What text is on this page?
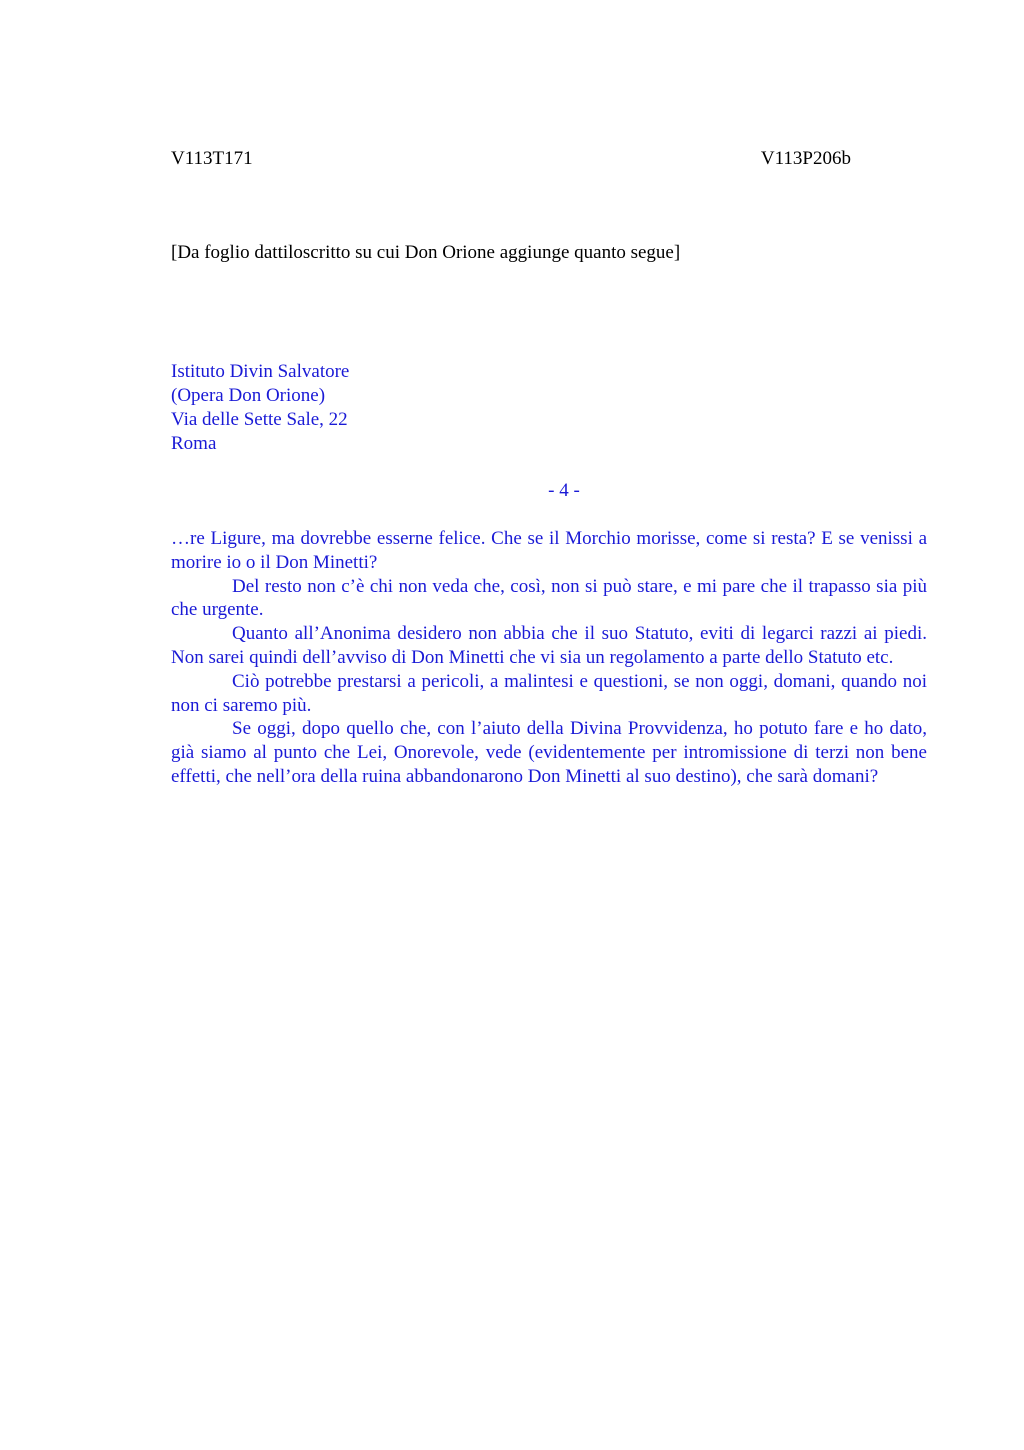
V113T171	V113P206b
[Da foglio dattiloscritto su cui Don Orione aggiunge quanto segue]
Istituto Divin Salvatore
(Opera Don Orione)
Via delle Sette Sale, 22
Roma
- 4 -

…re Ligure, ma dovrebbe esserne felice. Che se il Morchio morisse, come si resta? E se venissi a morire io o il Don Minetti?

Del resto non c’è chi non veda che, così, non si può stare, e mi pare che il trapasso sia più che urgente.

Quanto all’Anonima desidero non abbia che il suo Statuto, eviti di legarci razzi ai piedi. Non sarei quindi dell’avviso di Don Minetti che vi sia un regolamento a parte dello Statuto etc.

Ciò potrebbe prestarsi a pericoli, a malintesi e questioni, se non oggi, domani, quando noi non ci saremo più.

Se oggi, dopo quello che, con l’aiuto della Divina Provvidenza, ho potuto fare e ho dato, già siamo al punto che Lei, Onorevole, vede (evidentemente per intromissione di terzi non bene effetti, che nell’ora della ruina abbandonarono Don Minetti al suo destino), che sarà domani?
